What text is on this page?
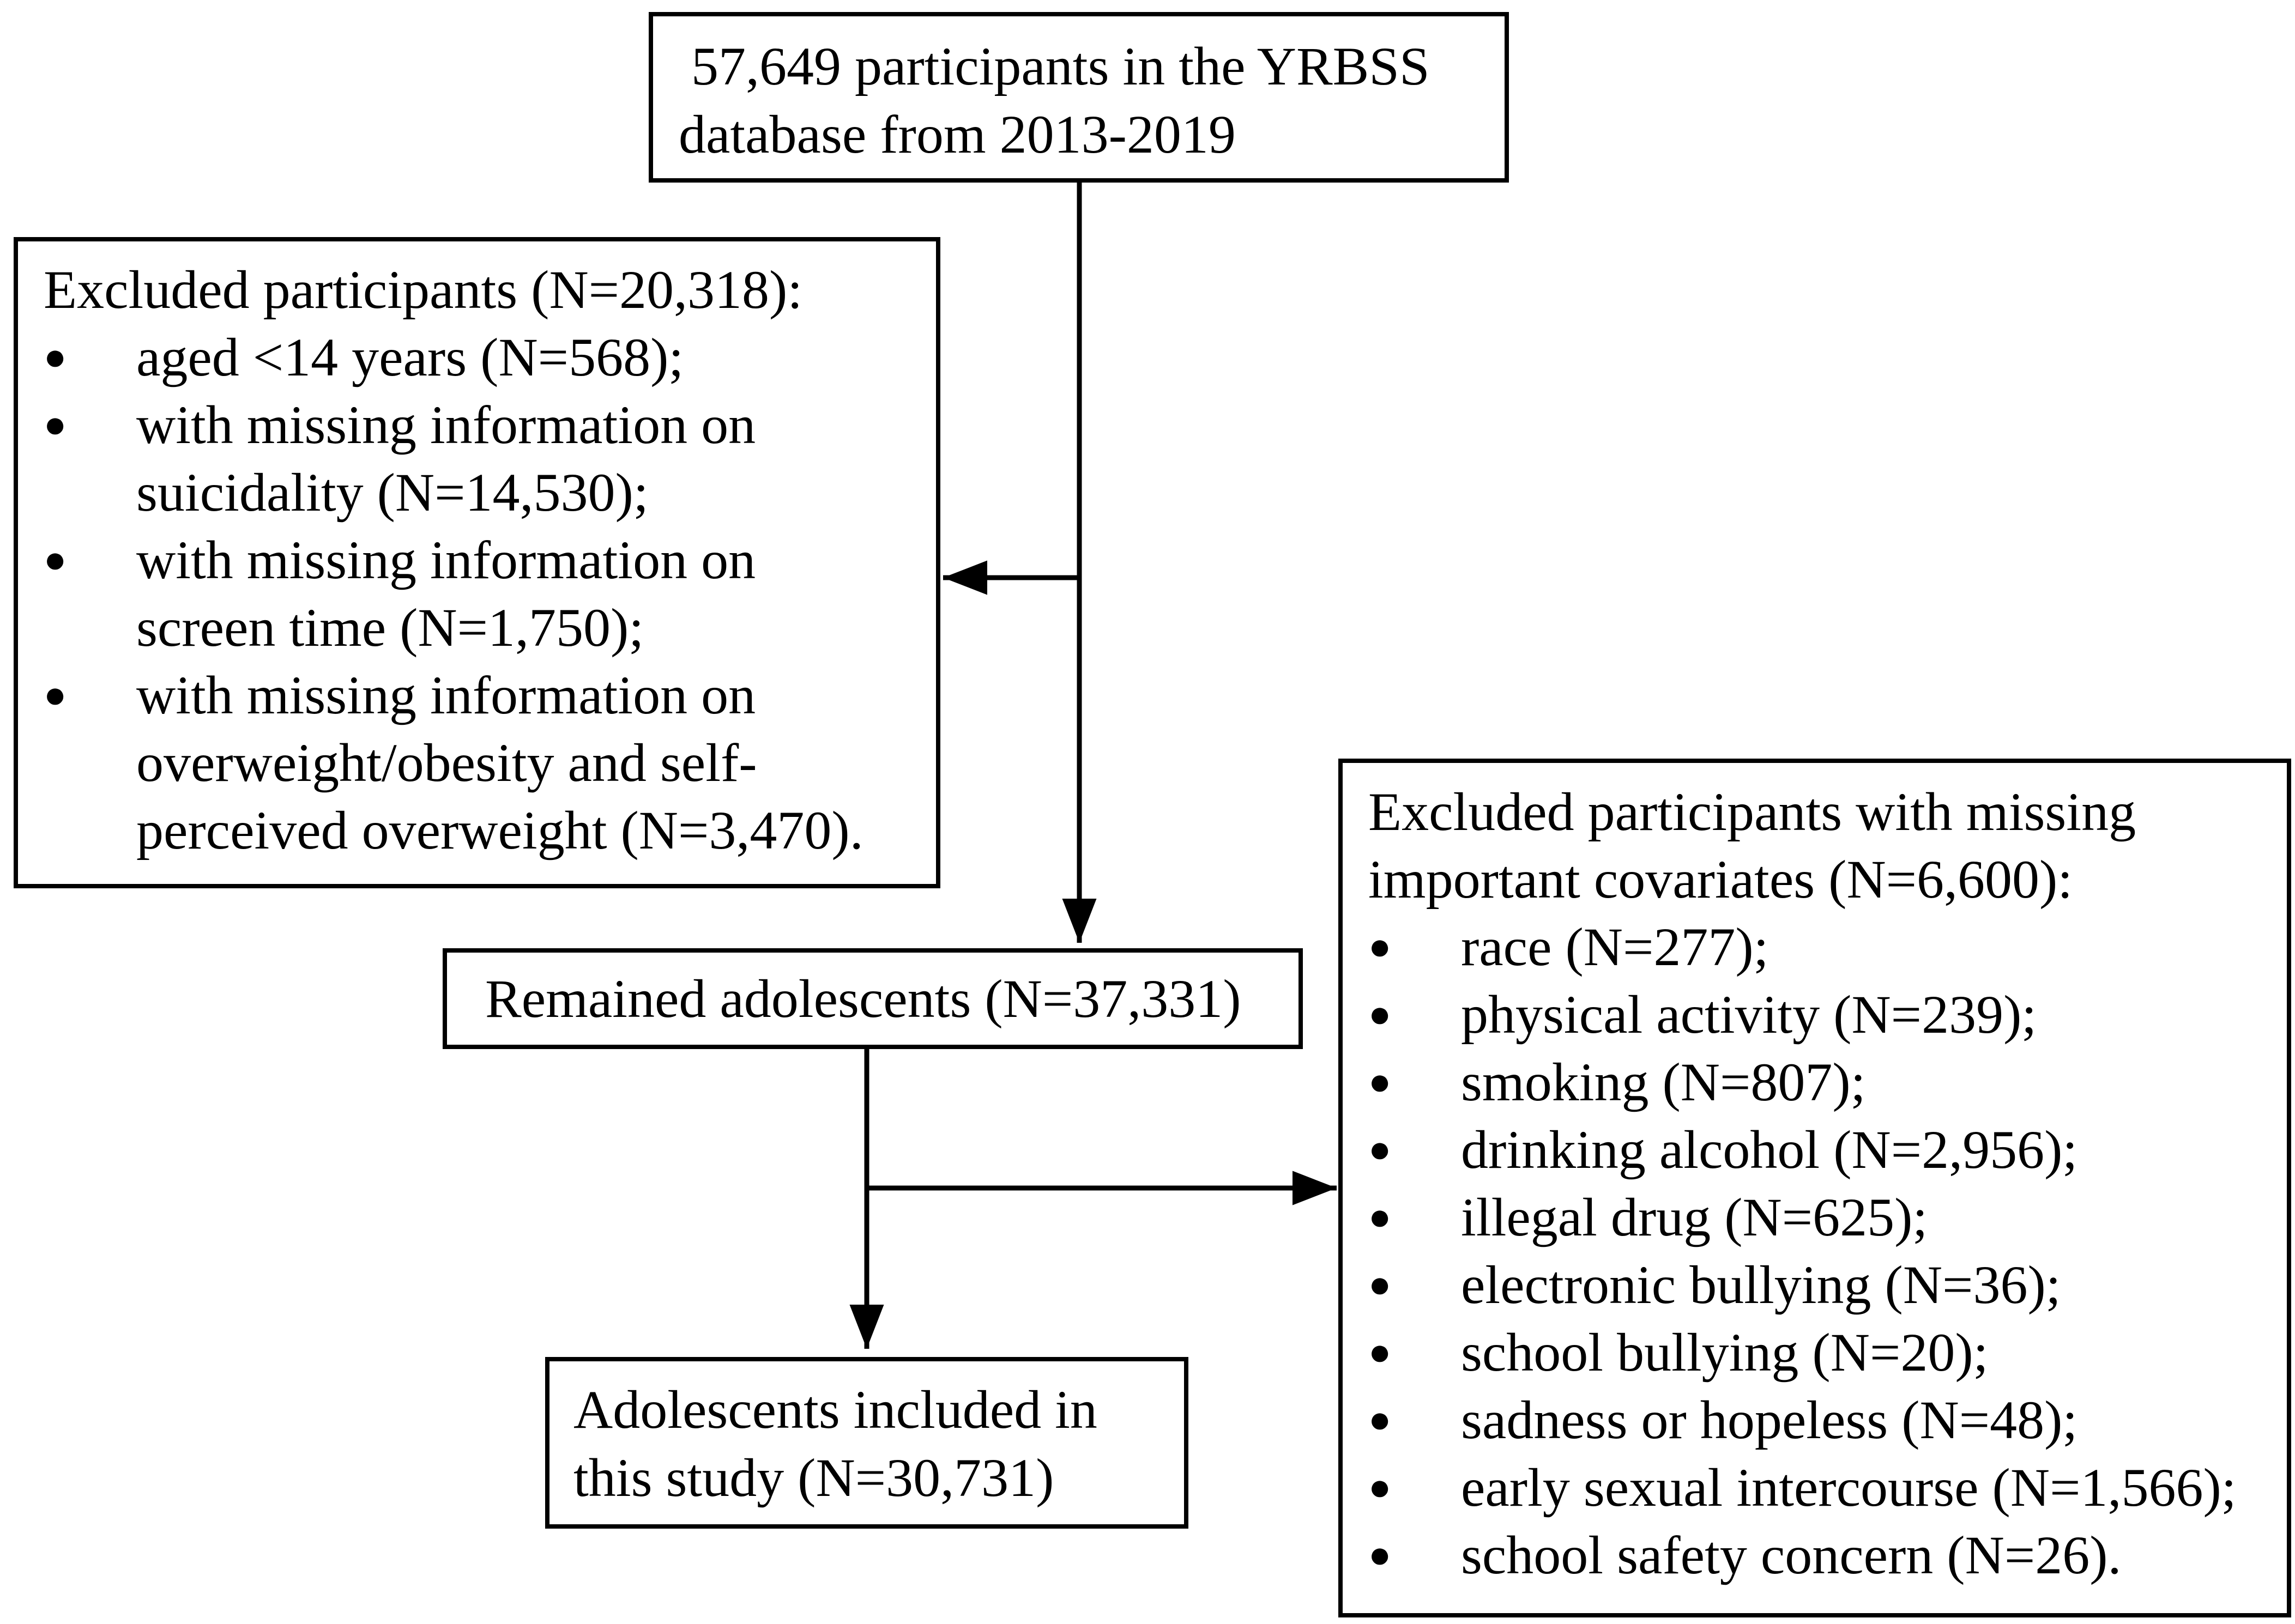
57,649 participants in the YRBSS
database from 2013-2019
Excluded participants (N=20,318):
● aged <14 years (N=568);
● with missing information on
suicidality (N=14,530);
● with missing information on
screen time (N=1,750);
● with missing information on
overweight/obesity and self-
perceived overweight (N=3,470).
Remained adolescents (N=37,331)
Adolescents included in
this study (N=30,731)
Excluded participants with missing
important covariates (N=6,600):
● race (N=277);
● physical activity (N=239);
● smoking (N=807);
● drinking alcohol (N=2,956);
● illegal drug (N=625);
● electronic bullying (N=36);
● school bullying (N=20);
● sadness or hopeless (N=48);
● early sexual intercourse (N=1,566);
● school safety concern (N=26).
